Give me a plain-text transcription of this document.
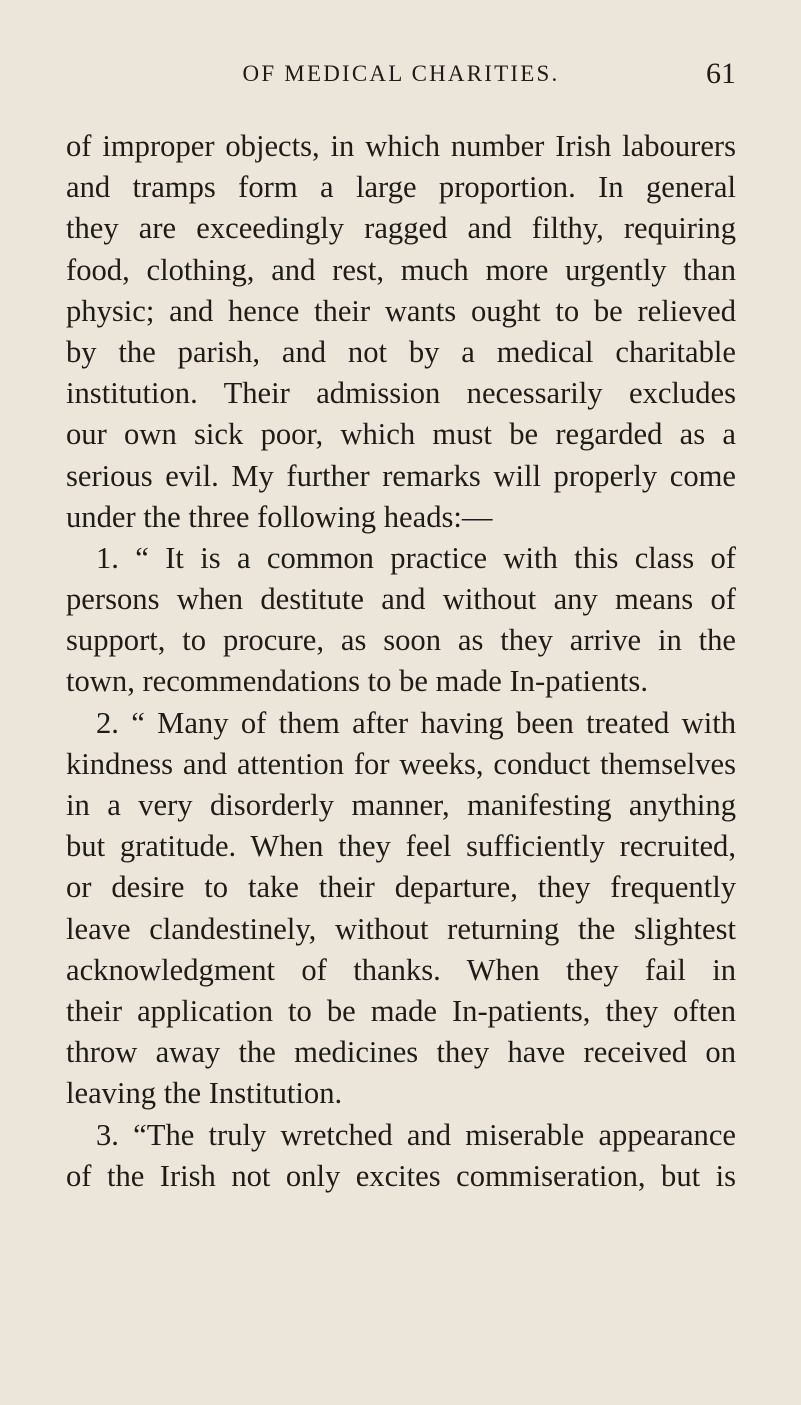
OF MEDICAL CHARITIES.	61
of improper objects, in which number Irish labourers
and tramps form a large proportion. In general
they are exceedingly ragged and filthy, requiring
food, clothing, and rest, much more urgently than
physic; and hence their wants ought to be relieved
by the parish, and not by a medical charitable
institution. Their admission necessarily excludes
our own sick poor, which must be regarded as a
serious evil. My further remarks will properly come
under the three following heads:—
1. “ It is a common practice with this class of
persons when destitute and without any means of
support, to procure, as soon as they arrive in the
town, recommendations to be made In-patients.
2. “ Many of them after having been treated with
kindness and attention for weeks, conduct themselves
in a very disorderly manner, manifesting anything
but gratitude. When they feel sufficiently recruited,
or desire to take their departure, they frequently
leave clandestinely, without returning the slightest
acknowledgment of thanks. When they fail in
their application to be made In-patients, they often
throw away the medicines they have received on
leaving the Institution.
3. “The truly wretched and miserable appearance
of the Irish not only excites commiseration, but is
